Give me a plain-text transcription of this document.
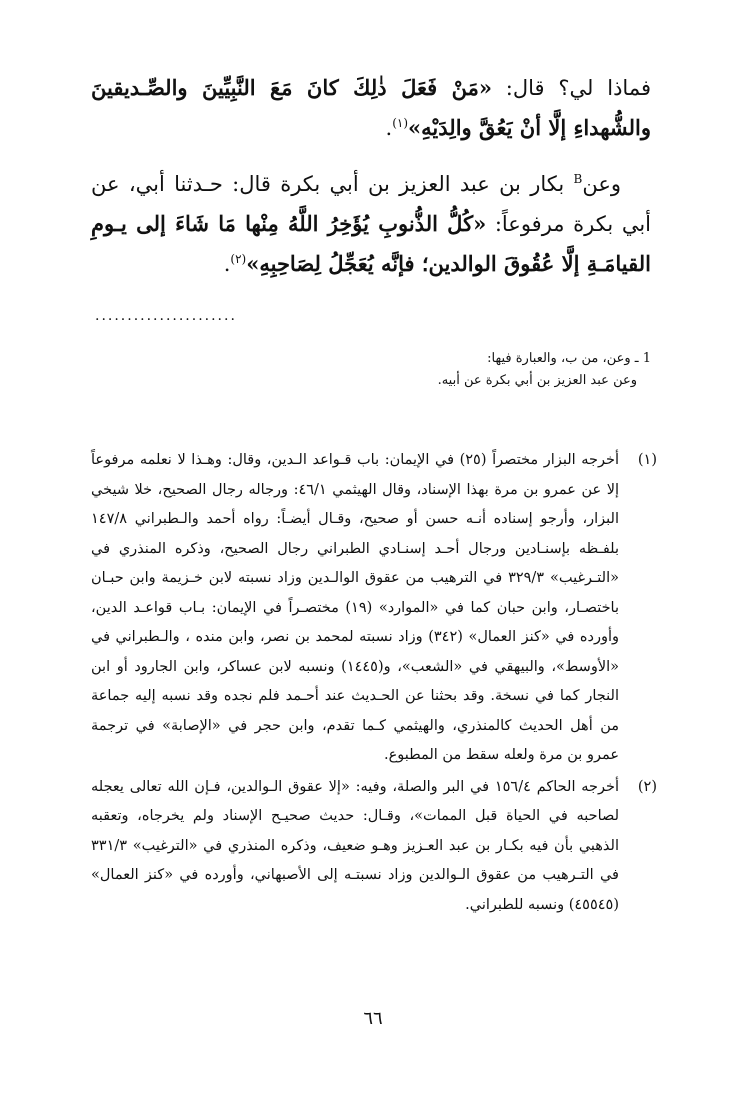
فماذا لي؟ قال: «مَنْ فَعَلَ ذٰلِكَ كانَ مَعَ النَّبِيِّينَ والصِّـديقينَ والشُّهداءِ إلَّا أنْ يَعُقَّ والِدَيْهِ»$^{(١)}$.

وعن$^B$ بكار بن عبد العزيز بن أبي بكرة قال: حـدثنا أبي، عن أبي بكرة مرفوعاً: «كُلُّ الذُّنوبِ يُؤَخِرُ اللَّهُ مِنْها مَا شَاءَ إلى يـومِ القيامَـةِ إلَّا عُقُوقَ الوالدين؛ فإنَّه يُعَجِّلُ لِصَاحِبِهِ»$^{(٢)}$.

......................
1 ـ وعن، من ب، والعبارة فيها:
وعن عبد العزيز بن أبي بكرة عن أبيه.
(١)
أخرجه البزار مختصراً (٢٥) في الإيمان: باب قـواعد الـدين، وقال: وهـذا لا نعلمه مرفوعاً إلا عن عمرو بن مرة بهذا الإسناد، وقال الهيثمي ٤٦/١: ورجاله رجال الصحيح، خلا شيخي البزار، وأرجو إسناده أنـه حسن أو صحيح، وقـال أيضـاً: رواه أحمد والـطبراني ١٤٧/٨ بلفـظه بإسنـادين ورجال أحـد إسنـادي الطبراني رجال الصحيح، وذكره المنذري في «التـرغيب» ٣٢٩/٣ في الترهيب من عقوق الوالـدين وزاد نسبته لابن خـزيمة وابن حبـان باختصـار، وابن حبان كما في «الموارد» (١٩) مختصـراً في الإيمان: بـاب قواعـد الدين، وأورده في «كنز العمال» (٣٤٢) وزاد نسبته لمحمد بن نصر، وابن منده ، والـطبراني في «الأوسط»، والبيهقي في «الشعب»، و(١٤٤٥) ونسبه لابن عساكر، وابن الجارود أو ابن النجار كما في نسخة. وقد بحثنا عن الحـديث عند أحـمد فلم نجده وقد نسبه إليه جماعة من أهل الحديث كالمنذري، والهيثمي كـما تقدم، وابن حجر في «الإصابة» في ترجمة عمرو بن مرة ولعله سقط من المطبوع.
(٢)
أخرجه الحاكم ١٥٦/٤ في البر والصلة، وفيه: «إلا عقوق الـوالدين، فـإن الله تعالى يعجله لصاحبه في الحياة قبل الممات»، وقـال: حديث صحيـح الإسناد ولم يخرجاه، وتعقبه الذهبي بأن فيه بكـار بن عبد العـزيز وهـو ضعيف، وذكره المنذري في «الترغيب» ٣٣١/٣ في التـرهيب من عقوق الـوالدين وزاد نسبتـه إلى الأصبهاني، وأورده في «كنز العمال» (٤٥٥٤٥) ونسبه للطبراني.
٦٦
